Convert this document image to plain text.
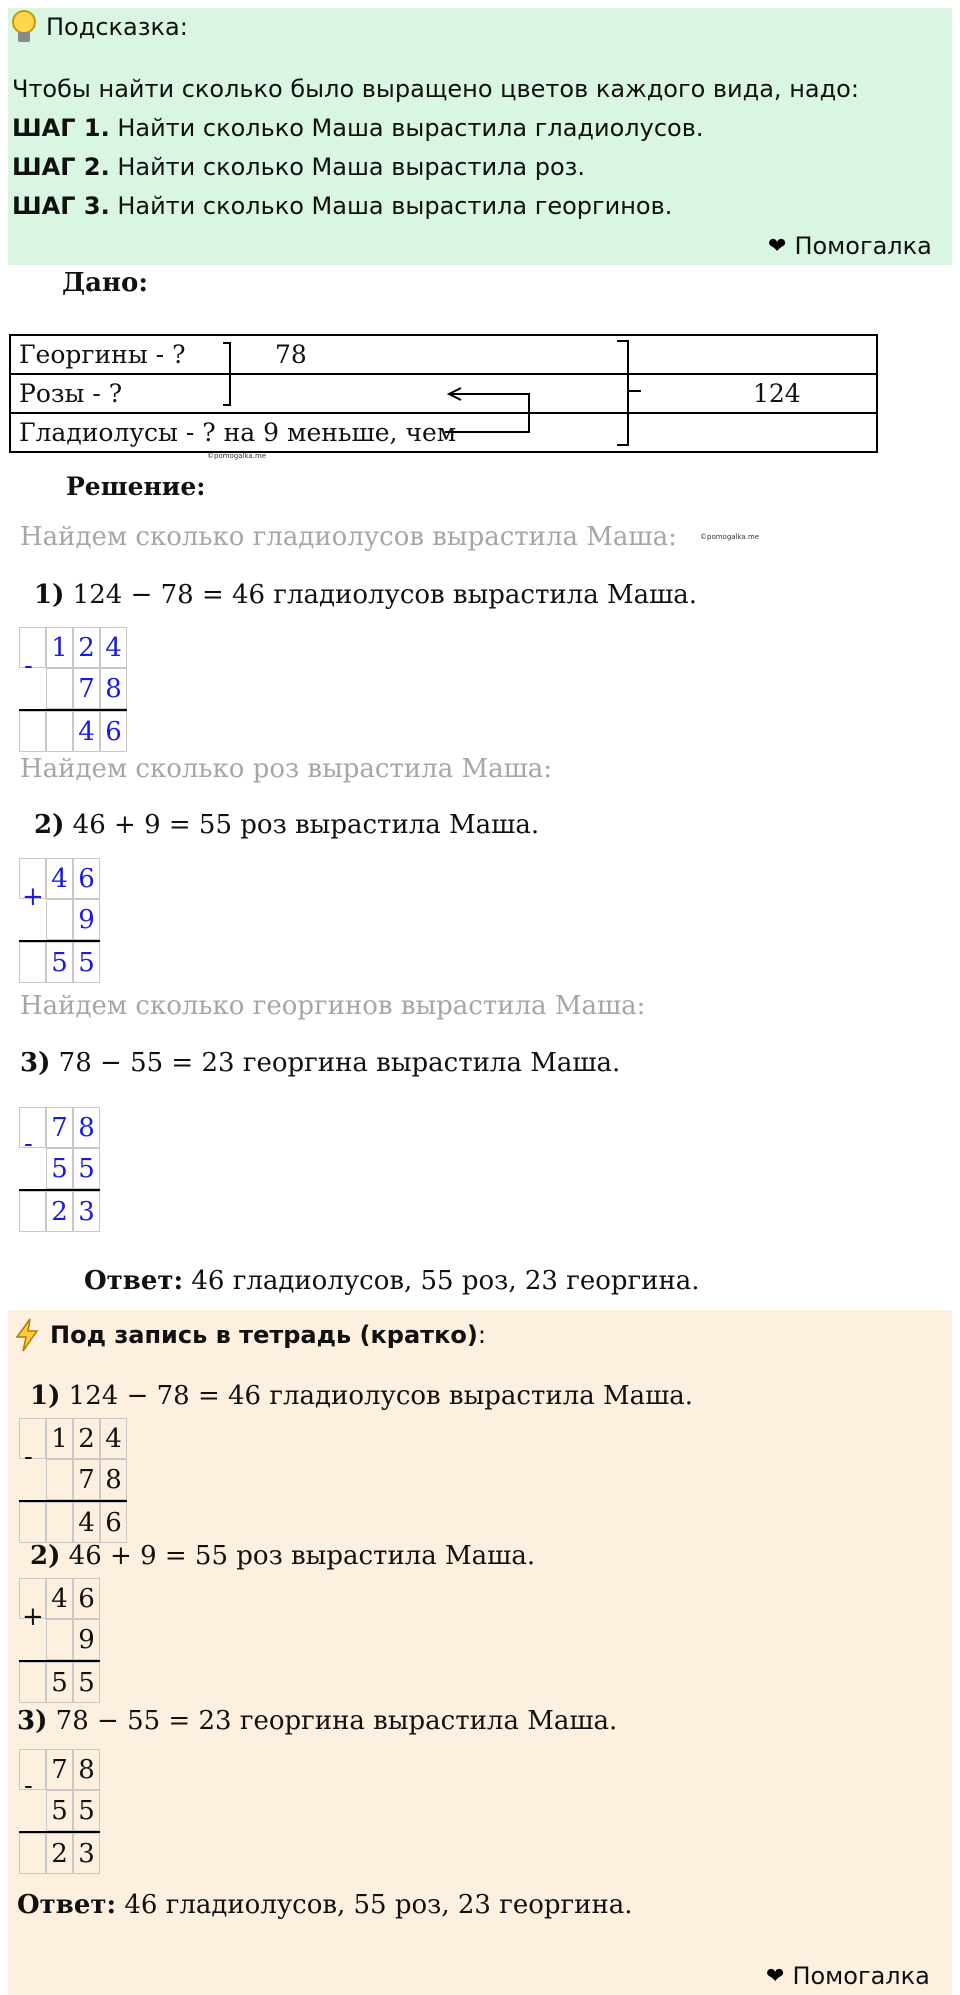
Подсказка:
Чтобы найти сколько было выращено цветов каждого вида, надо:
ШАГ 1. Найти сколько Маша вырастила гладиолусов.
ШАГ 2. Найти сколько Маша вырастила роз.
ШАГ 3. Найти сколько Маша вырастила георгинов.
❤ Помогалка
Дано:
Георгины - ?	78
Розы - ?	124
Гладиолусы - ? на 9 меньше, чем
©pomogalka.me
Решение:
©pomogalka.me
Найдем сколько гладиолусов вырастила Маша:
1) 124 − 78 = 46 гладиолусов вырастила Маша.
1 2 4
-
7 8
4 6
Найдем сколько роз вырастила Маша:
2) 46 + 9 = 55 роз вырастила Маша.
4 6
+
9
5 5
Найдем сколько георгинов вырастила Маша:
3) 78 − 55 = 23 георгина вырастила Маша.
7 8
-
5 5
2 3
Ответ: 46 гладиолусов, 55 роз, 23 георгина.
Под запись в тетрадь (кратко):
1) 124 − 78 = 46 гладиолусов вырастила Маша.
1 2 4
-
7 8
4 6
2) 46 + 9 = 55 роз вырастила Маша.
4 6
+
9
5 5
3) 78 − 55 = 23 георгина вырастила Маша.
7 8
-
5 5
2 3
Ответ: 46 гладиолусов, 55 роз, 23 георгина.
❤ Помогалка
